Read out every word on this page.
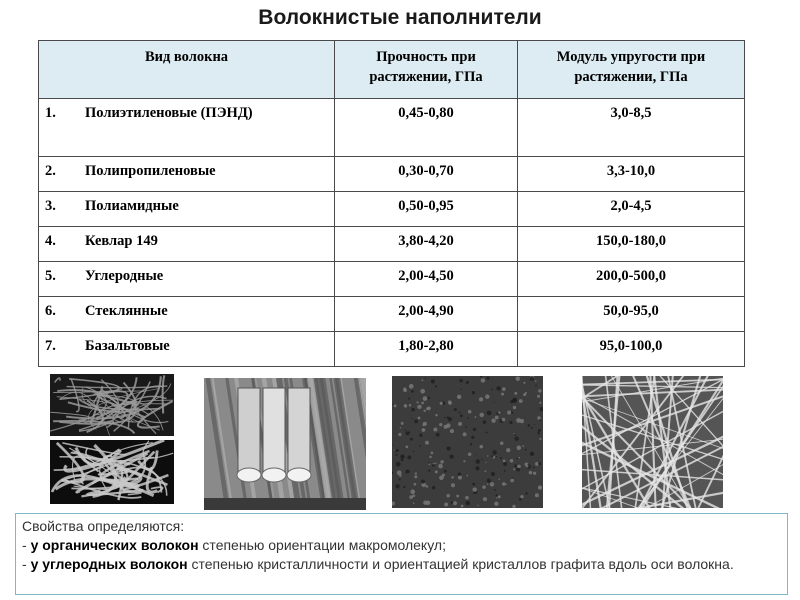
Волокнистые наполнители
Вид волокна	Прочность при растяжении, ГПа	Модуль упругости при растяжении, ГПа
1. Полиэтиленовые (ПЭНД)	0,45-0,80	3,0-8,5
2. Полипропиленовые	0,30-0,70	3,3-10,0
3. Полиамидные	0,50-0,95	2,0-4,5
4. Кевлар 149	3,80-4,20	150,0-180,0
5. Углеродные	2,00-4,50	200,0-500,0
6. Стеклянные	2,00-4,90	50,0-95,0
7. Базальтовые	1,80-2,80	95,0-100,0
Свойства определяются:
- у органических волокон степенью ориентации макромолекул;
- у углеродных волокон степенью кристалличности и ориентацией кристаллов графита вдоль оси волокна.
